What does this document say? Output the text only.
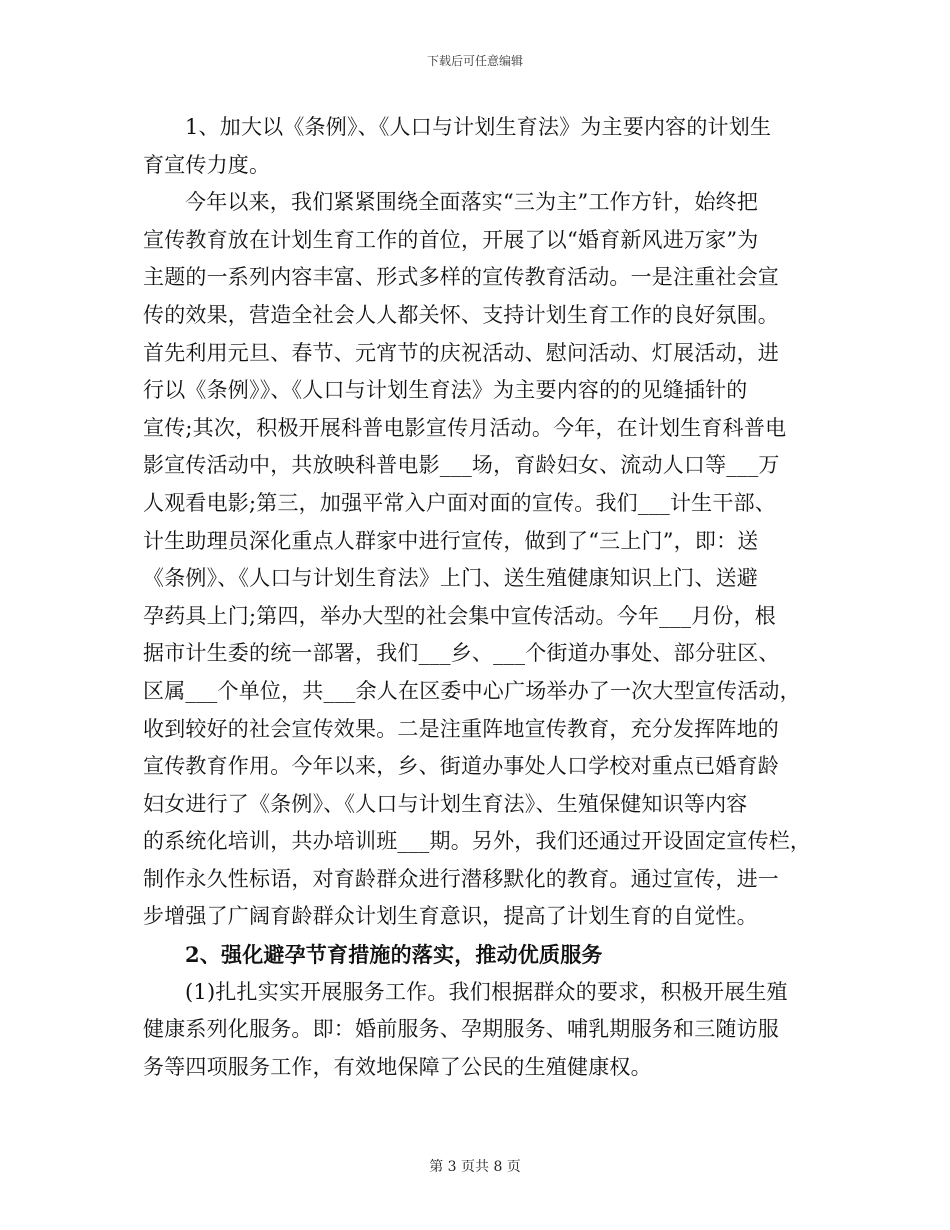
下载后可任意编辑
1、加大以《条例》、《人口与计划生育法》为主要内容的计划生
育宣传力度。
今年以来，我们紧紧围绕全面落实“三为主”工作方针，始终把
宣传教育放在计划生育工作的首位，开展了以“婚育新风进万家”为
主题的一系列内容丰富、形式多样的宣传教育活动。一是注重社会宣
传的效果，营造全社会人人都关怀、支持计划生育工作的良好氛围。
首先利用元旦、春节、元宵节的庆祝活动、慰问活动、灯展活动，进
行以《条例》》、《人口与计划生育法》为主要内容的的见缝插针的
宣传;其次，积极开展科普电影宣传月活动。今年，在计划生育科普电
影宣传活动中，共放映科普电影___场，育龄妇女、流动人口等___万
人观看电影;第三，加强平常入户面对面的宣传。我们___计生干部、
计生助理员深化重点人群家中进行宣传，做到了“三上门”，即：送
《条例》、《人口与计划生育法》上门、送生殖健康知识上门、送避
孕药具上门;第四，举办大型的社会集中宣传活动。今年___月份，根
据市计生委的统一部署，我们___乡、___个街道办事处、部分驻区、
区属___个单位，共___余人在区委中心广场举办了一次大型宣传活动，
收到较好的社会宣传效果。二是注重阵地宣传教育，充分发挥阵地的
宣传教育作用。今年以来，乡、街道办事处人口学校对重点已婚育龄
妇女进行了《条例》、《人口与计划生育法》、生殖保健知识等内容
的系统化培训，共办培训班___期。另外，我们还通过开设固定宣传栏，
制作永久性标语，对育龄群众进行潜移默化的教育。通过宣传，进一
步增强了广阔育龄群众计划生育意识，提高了计划生育的自觉性。
2、强化避孕节育措施的落实，推动优质服务
(1)扎扎实实开展服务工作。我们根据群众的要求，积极开展生殖
健康系列化服务。即：婚前服务、孕期服务、哺乳期服务和三随访服
务等四项服务工作，有效地保障了公民的生殖健康权。
第 3 页共 8 页
